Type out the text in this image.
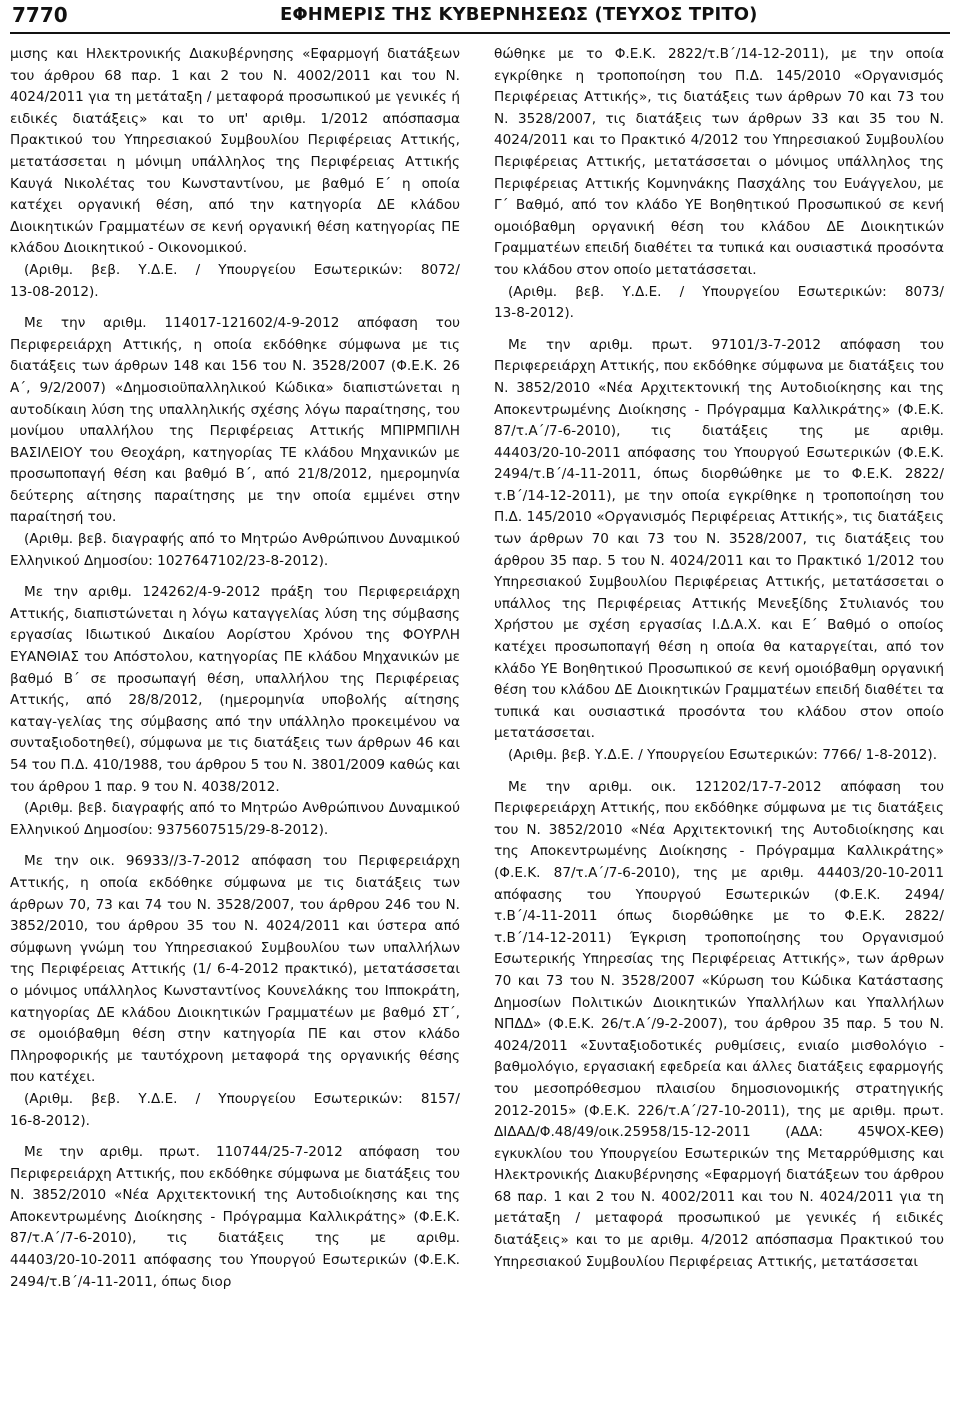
7770	ΕΦΗΜΕΡΙΣ ΤΗΣ ΚΥΒΕΡΝΗΣΕΩΣ (ΤΕΥΧΟΣ ΤΡΙΤΟ)

μισης και Ηλεκτρονικής Διακυβέρνησης «Εφαρμογή διατάξεων του άρθρου 68 παρ. 1 και 2 του Ν. 4002/2011 και του Ν. 4024/2011 για τη μετάταξη / μεταφορά προσωπικού με γενικές ή ειδικές διατάξεις» και το υπ' αριθμ. 1/2012 απόσπασμα Πρακτικού του Υπηρεσιακού Συμβουλίου Περιφέρειας Αττικής, μετατάσσεται η μόνιμη υπάλληλος της Περιφέρειας Αττικής Καυγά Νικολέτας του Κωνσταντίνου, με βαθμό Ε΄ η οποία κατέχει οργανική θέση, από την κατηγορία ΔΕ κλάδου Διοικητικών Γραμματέων σε κενή οργανική θέση κατηγορίας ΠΕ κλάδου Διοικητικού ‑ Οικονομικού.

(Αριθμ. βεβ. Υ.Δ.Ε. / Υπουργείου Εσωτερικών: 8072/ 13‑08‑2012).

Με την αριθμ. 114017‑121602/4‑9‑2012 απόφαση του Περιφερειάρχη Αττικής, η οποία εκδόθηκε σύμφωνα με τις διατάξεις των άρθρων 148 και 156 του Ν. 3528/2007 (Φ.Ε.Κ. 26 Α΄, 9/2/2007) «Δημοσιοϋπαλληλικού Κώδικα» διαπιστώνεται η αυτοδίκαιη λύση της υπαλληλικής σχέσης λόγω παραίτησης, του μονίμου υπαλλήλου της Περιφέρειας Αττικής ΜΠΙΡΜΠΙΛΗ ΒΑΣΙΛΕΙΟΥ του Θεοχάρη, κατηγορίας ΤΕ κλάδου Μηχανικών με προσωποπαγή θέση και βαθμό Β΄, από 21/8/2012, ημερομηνία δεύτερης αίτησης παραίτησης με την οποία εμμένει στην παραίτησή του.

(Αριθμ. βεβ. διαγραφής από το Μητρώο Ανθρώπινου Δυναμικού Ελληνικού Δημοσίου: 1027647102/23‑8‑2012).

Με την αριθμ. 124262/4‑9‑2012 πράξη του Περιφερειάρχη Αττικής, διαπιστώνεται η λόγω καταγγελίας λύση της σύμβασης εργασίας Ιδιωτικού Δικαίου Αορίστου Χρόνου της ΦΟΥΡΛΗ ΕΥΑΝΘΙΑΣ του Απόστολου, κατηγορίας ΠΕ κλάδου Μηχανικών με βαθμό Β΄ σε προσωπαγή θέση, υπαλλήλου της Περιφέρειας Αττικής, από 28/8/2012, (ημερομηνία υποβολής αίτησης καταγ‑γελίας της σύμβασης από την υπάλληλο προκειμένου να συνταξιοδοτηθεί), σύμφωνα με τις διατάξεις των άρθρων 46 και 54 του Π.Δ. 410/1988, του άρθρου 5 του Ν. 3801/2009 καθώς και του άρθρου 1 παρ. 9 του Ν. 4038/2012.

(Αριθμ. βεβ. διαγραφής από το Μητρώο Ανθρώπινου Δυναμικού Ελληνικού Δημοσίου: 9375607515/29‑8‑2012).

Με την οικ. 96933//3‑7‑2012 απόφαση του Περιφερειάρχη Αττικής, η οποία εκδόθηκε σύμφωνα με τις διατάξεις των άρθρων 70, 73 και 74 του Ν. 3528/2007, του άρθρου 246 του Ν. 3852/2010, του άρθρου 35 του Ν. 4024/2011 και ύστερα από σύμφωνη γνώμη του Υπηρεσιακού Συμβουλίου των υπαλλήλων της Περιφέρειας Αττικής (1/ 6‑4‑2012 πρακτικό), μετατάσσεται ο μόνιμος υπάλληλος Κωνσταντίνος Κουνελάκης του Ιπποκράτη, κατηγορίας ΔΕ κλάδου Διοικητικών Γραμματέων με βαθμό ΣΤ΄, σε ομοιόβαθμη θέση στην κατηγορία ΠΕ και στον κλάδο Πληροφορικής με ταυτόχρονη μεταφορά της οργανικής θέσης που κατέχει.

(Αριθμ. βεβ. Υ.Δ.Ε. / Υπουργείου Εσωτερικών: 8157/ 16‑8‑2012).

Με την αριθμ. πρωτ. 110744/25‑7‑2012 απόφαση του Περιφερειάρχη Αττικής, που εκδόθηκε σύμφωνα με διατάξεις του Ν. 3852/2010 «Νέα Αρχιτεκτονική της Αυτοδιοίκησης και της Αποκεντρωμένης Διοίκησης ‑ Πρόγραμμα Καλλικράτης» (Φ.Ε.Κ. 87/τ.Α΄/7‑6‑2010), τις διατάξεις της με αριθμ. 44403/20‑10‑2011 απόφασης του Υπουργού Εσωτερικών (Φ.Ε.Κ. 2494/τ.Β΄/4‑11‑2011, όπως διορ

θώθηκε με το Φ.Ε.Κ. 2822/τ.Β΄/14‑12‑2011), με την οποία εγκρίθηκε η τροποποίηση του Π.Δ. 145/2010 «Οργανισμός Περιφέρειας Αττικής», τις διατάξεις των άρθρων 70 και 73 του Ν. 3528/2007, τις διατάξεις των άρθρων 33 και 35 του Ν. 4024/2011 και το Πρακτικό 4/2012 του Υπηρεσιακού Συμβουλίου Περιφέρειας Αττικής, μετατάσσεται ο μόνιμος υπάλληλος της Περιφέρειας Αττικής Κομνηνάκης Πασχάλης του Ευάγγελου, με Γ΄ Βαθμό, από τον κλάδο ΥΕ Βοηθητικού Προσωπικού σε κενή ομοιόβαθμη οργανική θέση του κλάδου ΔΕ Διοικητικών Γραμματέων επειδή διαθέτει τα τυπικά και ουσιαστικά προσόντα του κλάδου στον οποίο μετατάσσεται.

(Αριθμ. βεβ. Υ.Δ.Ε. / Υπουργείου Εσωτερικών: 8073/ 13‑8‑2012).

Με την αριθμ. πρωτ. 97101/3‑7‑2012 απόφαση του Περιφερειάρχη Αττικής, που εκδόθηκε σύμφωνα με διατάξεις του Ν. 3852/2010 «Νέα Αρχιτεκτονική της Αυτοδιοίκησης και της Αποκεντρωμένης Διοίκησης ‑ Πρόγραμμα Καλλικράτης» (Φ.Ε.Κ. 87/τ.Α΄/7‑6‑2010), τις διατάξεις της με αριθμ. 44403/20‑10‑2011 απόφασης του Υπουργού Εσωτερικών (Φ.Ε.Κ. 2494/τ.Β΄/4‑11‑2011, όπως διορθώθηκε με το Φ.Ε.Κ. 2822/τ.Β΄/14‑12‑2011), με την οποία εγκρίθηκε η τροποποίηση του Π.Δ. 145/2010 «Οργανισμός Περιφέρειας Αττικής», τις διατάξεις των άρθρων 70 και 73 του Ν. 3528/2007, τις διατάξεις του άρθρου 35 παρ. 5 του Ν. 4024/2011 και το Πρακτικό 1/2012 του Υπηρεσιακού Συμβουλίου Περιφέρειας Αττικής, μετατάσσεται ο υπάλλος της Περιφέρειας Αττικής Μενεξίδης Στυλιανός του Χρήστου με σχέση εργασίας Ι.Δ.Α.Χ. και Ε΄ Βαθμό ο οποίος κατέχει προσωποπαγή θέση η οποία θα καταργείται, από τον κλάδο ΥΕ Βοηθητικού Προσωπικού σε κενή ομοιόβαθμη οργανική θέση του κλάδου ΔΕ Διοικητικών Γραμματέων επειδή διαθέτει τα τυπικά και ουσιαστικά προσόντα του κλάδου στον οποίο μετατάσσεται.

(Αριθμ. βεβ. Υ.Δ.Ε. / Υπουργείου Εσωτερικών: 7766/ 1‑8‑2012).

Με την αριθμ. οικ. 121202/17‑7‑2012 απόφαση του Περιφερειάρχη Αττικής, που εκδόθηκε σύμφωνα με τις διατάξεις του Ν. 3852/2010 «Νέα Αρχιτεκτονική της Αυτοδιοίκησης και της Αποκεντρωμένης Διοίκησης ‑ Πρόγραμμα Καλλικράτης» (Φ.Ε.Κ. 87/τ.Α΄/7‑6‑2010), της με αριθμ. 44403/20‑10‑2011 απόφασης του Υπουργού Εσωτερικών (Φ.Ε.Κ. 2494/τ.Β΄/4‑11‑2011 όπως διορθώθηκε με το Φ.Ε.Κ. 2822/τ.Β΄/14‑12‑2011) Έγκριση τροποποίησης του Οργανισμού Εσωτερικής Υπηρεσίας της Περιφέρειας Αττικής», των άρθρων 70 και 73 του Ν. 3528/2007 «Κύρωση του Κώδικα Κατάστασης Δημοσίων Πολιτικών Διοικητικών Υπαλλήλων και Υπαλλήλων ΝΠΔΔ» (Φ.Ε.Κ. 26/τ.Α΄/9‑2‑2007), του άρθρου 35 παρ. 5 του Ν. 4024/2011 «Συνταξιοδοτικές ρυθμίσεις, ενιαίο μισθολόγιο ‑ βαθμολόγιο, εργασιακή εφεδρεία και άλλες διατάξεις εφαρμογής του μεσοπρόθεσμου πλαισίου δημοσιονομικής στρατηγικής 2012‑2015» (Φ.Ε.Κ. 226/τ.Α΄/27‑10‑2011), της με αριθμ. πρωτ. ΔΙΔΑΔ/Φ.48/49/οικ.25958/15‑12‑2011 (ΑΔΑ: 45ΨΟΧ‑ΚΕΘ) εγκυκλίου του Υπουργείου Εσωτερικών της Μεταρρύθμισης και Ηλεκτρονικής Διακυβέρνησης «Εφαρμογή διατάξεων του άρθρου 68 παρ. 1 και 2 του Ν. 4002/2011 και του Ν. 4024/2011 για τη μετάταξη / μεταφορά προσωπικού με γενικές ή ειδικές διατάξεις» και το με αριθμ. 4/2012 απόσπασμα Πρακτικού του Υπηρεσιακού Συμβουλίου Περιφέρειας Αττικής, μετατάσσεται
